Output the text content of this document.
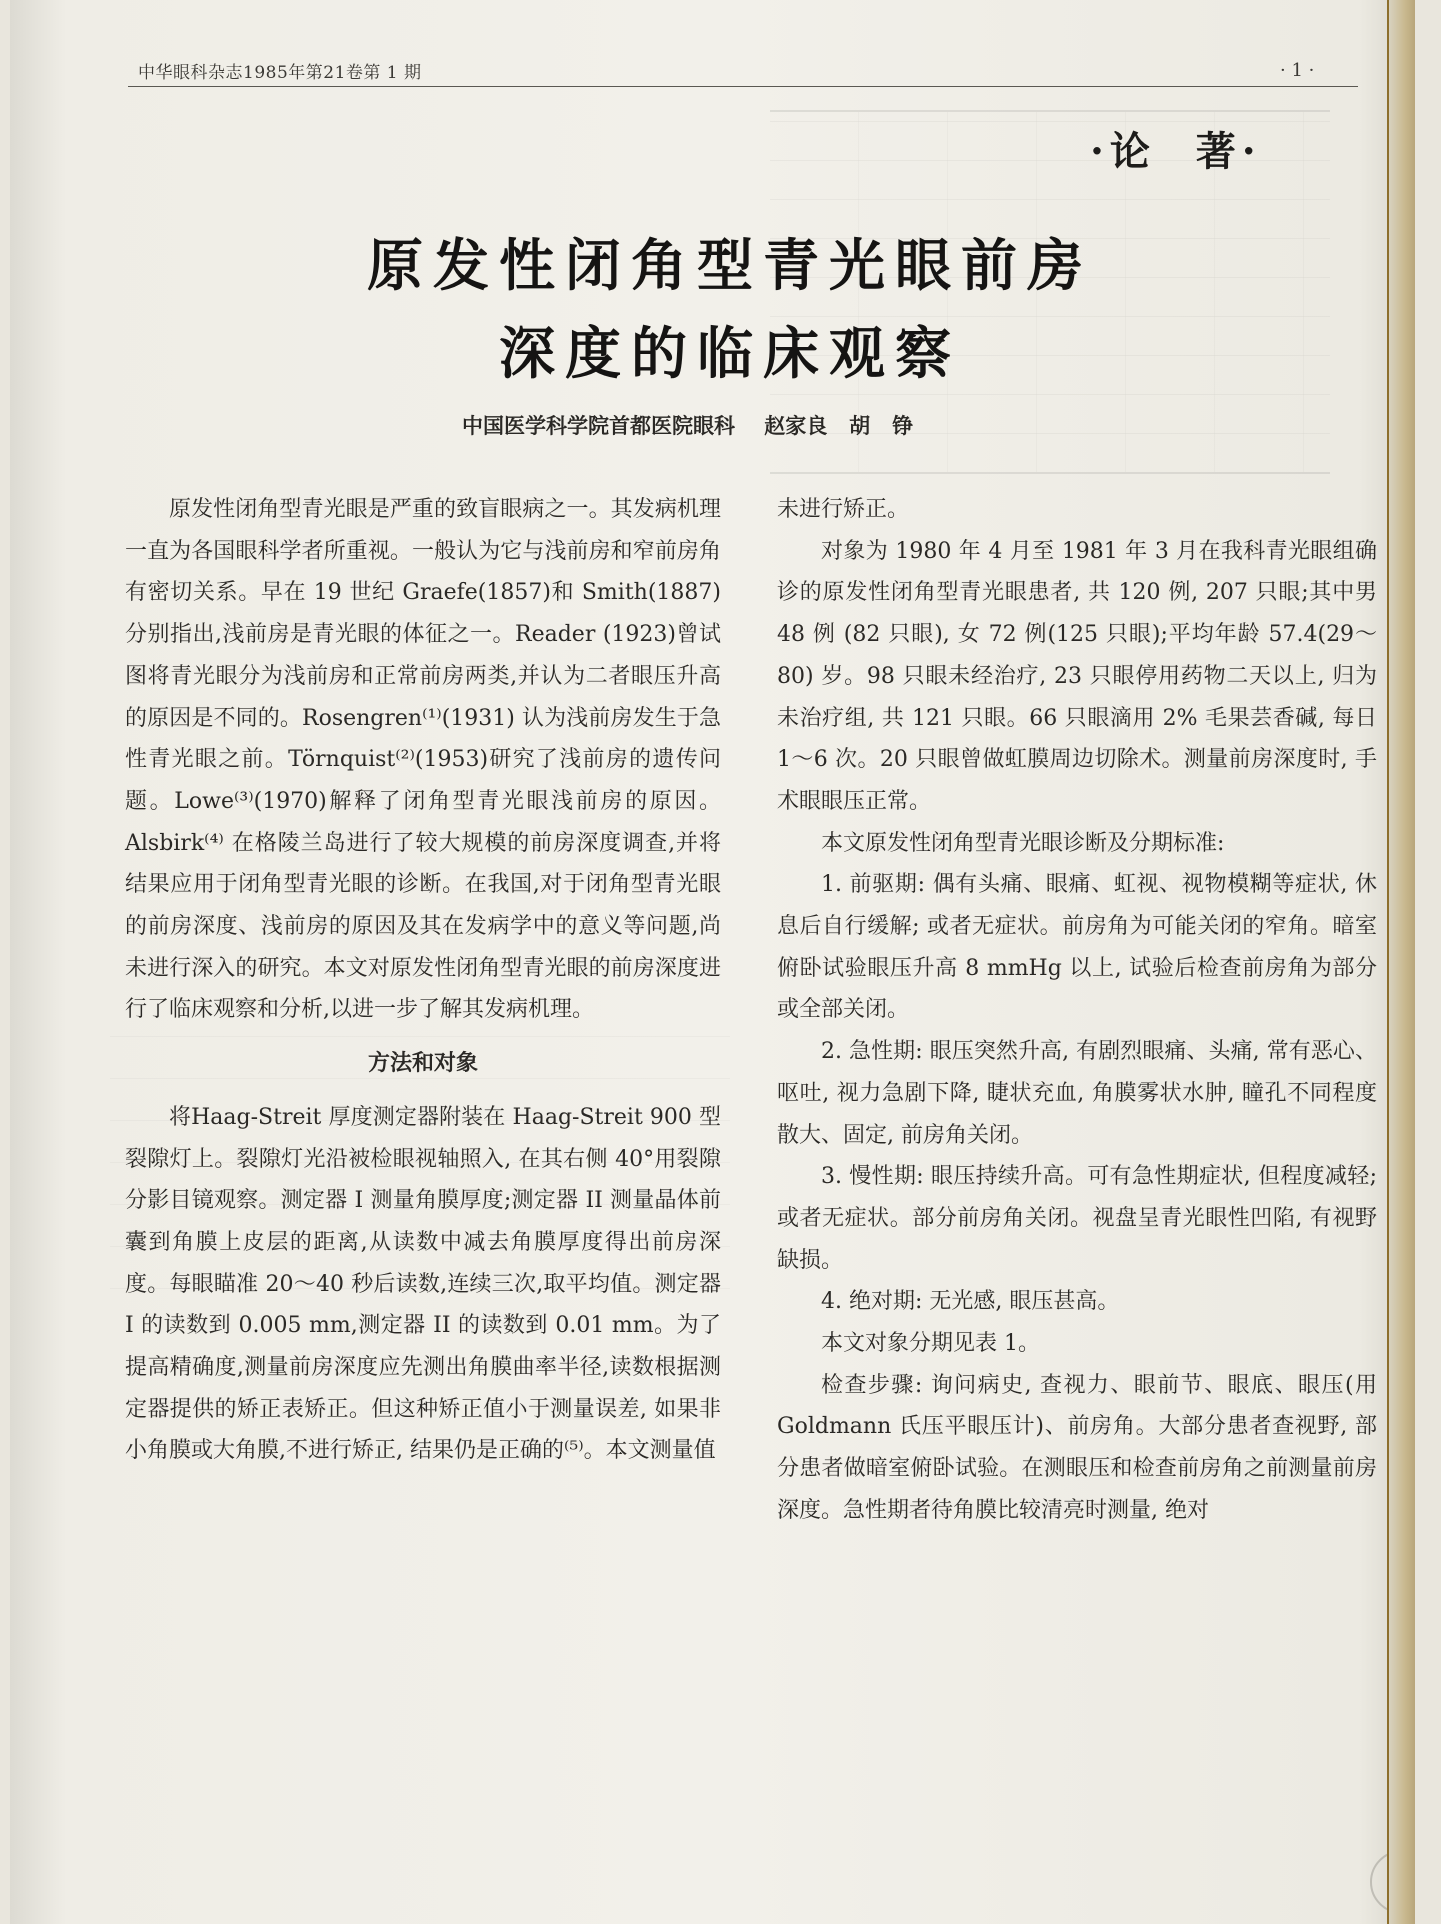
中华眼科杂志1985年第21卷第 1 期	· 1 ·
·论  著·
原发性闭角型青光眼前房
深度的临床观察
中国医学科学院首都医院眼科    赵家良   胡   铮

原发性闭角型青光眼是严重的致盲眼病之一。其发病机理一直为各国眼科学者所重视。一般认为它与浅前房和窄前房角有密切关系。早在 19 世纪 Graefe(1857)和 Smith(1887) 分别指出,浅前房是青光眼的体征之一。Reader (1923)曾试图将青光眼分为浅前房和正常前房两类,并认为二者眼压升高的原因是不同的。Rosengren⁽¹⁾(1931) 认为浅前房发生于急性青光眼之前。Törnquist⁽²⁾(1953)研究了浅前房的遗传问题。Lowe⁽³⁾(1970)解释了闭角型青光眼浅前房的原因。Alsbirk⁽⁴⁾ 在格陵兰岛进行了较大规模的前房深度调查,并将结果应用于闭角型青光眼的诊断。在我国,对于闭角型青光眼的前房深度、浅前房的原因及其在发病学中的意义等问题,尚未进行深入的研究。本文对原发性闭角型青光眼的前房深度进行了临床观察和分析,以进一步了解其发病机理。

方法和对象

将Haag-Streit 厚度测定器附装在 Haag-Streit 900 型裂隙灯上。裂隙灯光沿被检眼视轴照入, 在其右侧 40°用裂隙分影目镜观察。测定器 I 测量角膜厚度;测定器 II 测量晶体前囊到角膜上皮层的距离,从读数中减去角膜厚度得出前房深度。每眼瞄准 20～40 秒后读数,连续三次,取平均值。测定器 I 的读数到 0.005 mm,测定器 II 的读数到 0.01 mm。为了提高精确度,测量前房深度应先测出角膜曲率半径,读数根据测定器提供的矫正表矫正。但这种矫正值小于测量误差, 如果非小角膜或大角膜,不进行矫正, 结果仍是正确的⁽⁵⁾。本文测量值

未进行矫正。

对象为 1980 年 4 月至 1981 年 3 月在我科青光眼组确诊的原发性闭角型青光眼患者, 共 120 例, 207 只眼;其中男 48 例 (82 只眼), 女 72 例(125 只眼);平均年龄 57.4(29～80) 岁。98 只眼未经治疗, 23 只眼停用药物二天以上, 归为未治疗组, 共 121 只眼。66 只眼滴用 2% 毛果芸香碱, 每日 1～6 次。20 只眼曾做虹膜周边切除术。测量前房深度时, 手术眼眼压正常。

本文原发性闭角型青光眼诊断及分期标准:

1. 前驱期: 偶有头痛、眼痛、虹视、视物模糊等症状, 休息后自行缓解; 或者无症状。前房角为可能关闭的窄角。暗室俯卧试验眼压升高 8 mmHg 以上, 试验后检查前房角为部分或全部关闭。

2. 急性期: 眼压突然升高, 有剧烈眼痛、头痛, 常有恶心、呕吐, 视力急剧下降, 睫状充血, 角膜雾状水肿, 瞳孔不同程度散大、固定, 前房角关闭。

3. 慢性期: 眼压持续升高。可有急性期症状, 但程度减轻; 或者无症状。部分前房角关闭。视盘呈青光眼性凹陷, 有视野缺损。

4. 绝对期: 无光感, 眼压甚高。

本文对象分期见表 1。

检查步骤: 询问病史, 查视力、眼前节、眼底、眼压(用 Goldmann 氏压平眼压计)、前房角。大部分患者查视野, 部分患者做暗室俯卧试验。在测眼压和检查前房角之前测量前房深度。急性期者待角膜比较清亮时测量, 绝对
